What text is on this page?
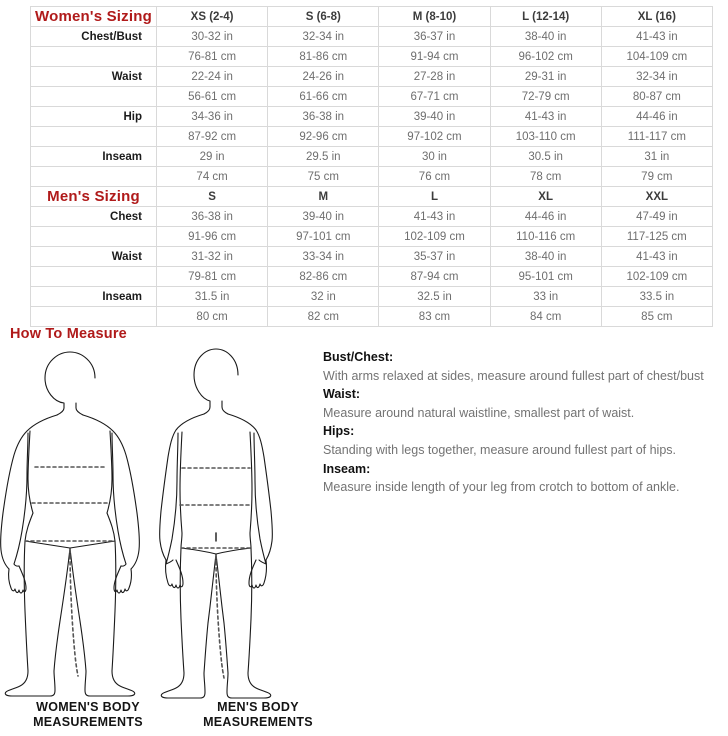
Women's Sizing	XS (2-4)	S (6-8)	M (8-10)	L (12-14)	XL (16)
Chest/Bust	30-32 in	32-34 in	36-37 in	38-40 in	41-43 in
	76-81 cm	81-86 cm	91-94 cm	96-102 cm	104-109 cm
Waist	22-24 in	24-26 in	27-28 in	29-31 in	32-34 in
	56-61 cm	61-66 cm	67-71 cm	72-79 cm	80-87 cm
Hip	34-36 in	36-38 in	39-40 in	41-43 in	44-46 in
	87-92 cm	92-96 cm	97-102 cm	103-110 cm	111-117 cm
Inseam	29 in	29.5 in	30 in	30.5 in	31 in
	74 cm	75 cm	76 cm	78 cm	79 cm
Men's Sizing	S	M	L	XL	XXL
Chest	36-38 in	39-40 in	41-43 in	44-46 in	47-49 in
	91-96 cm	97-101 cm	102-109 cm	110-116 cm	117-125 cm
Waist	31-32 in	33-34 in	35-37 in	38-40 in	41-43 in
	79-81 cm	82-86 cm	87-94 cm	95-101 cm	102-109 cm
Inseam	31.5 in	32 in	32.5 in	33 in	33.5 in
	80 cm	82 cm	83 cm	84 cm	85 cm
How To Measure
Bust/Chest:
With arms relaxed at sides, measure around fullest part of chest/bust
Waist:
Measure around natural waistline, smallest part of waist.
Hips:
Standing with legs together, measure around fullest part of hips.
Inseam:
Measure inside length of your leg from crotch to bottom of ankle.
WOMEN'S BODY
MEASUREMENTS
MEN'S BODY
MEASUREMENTS
